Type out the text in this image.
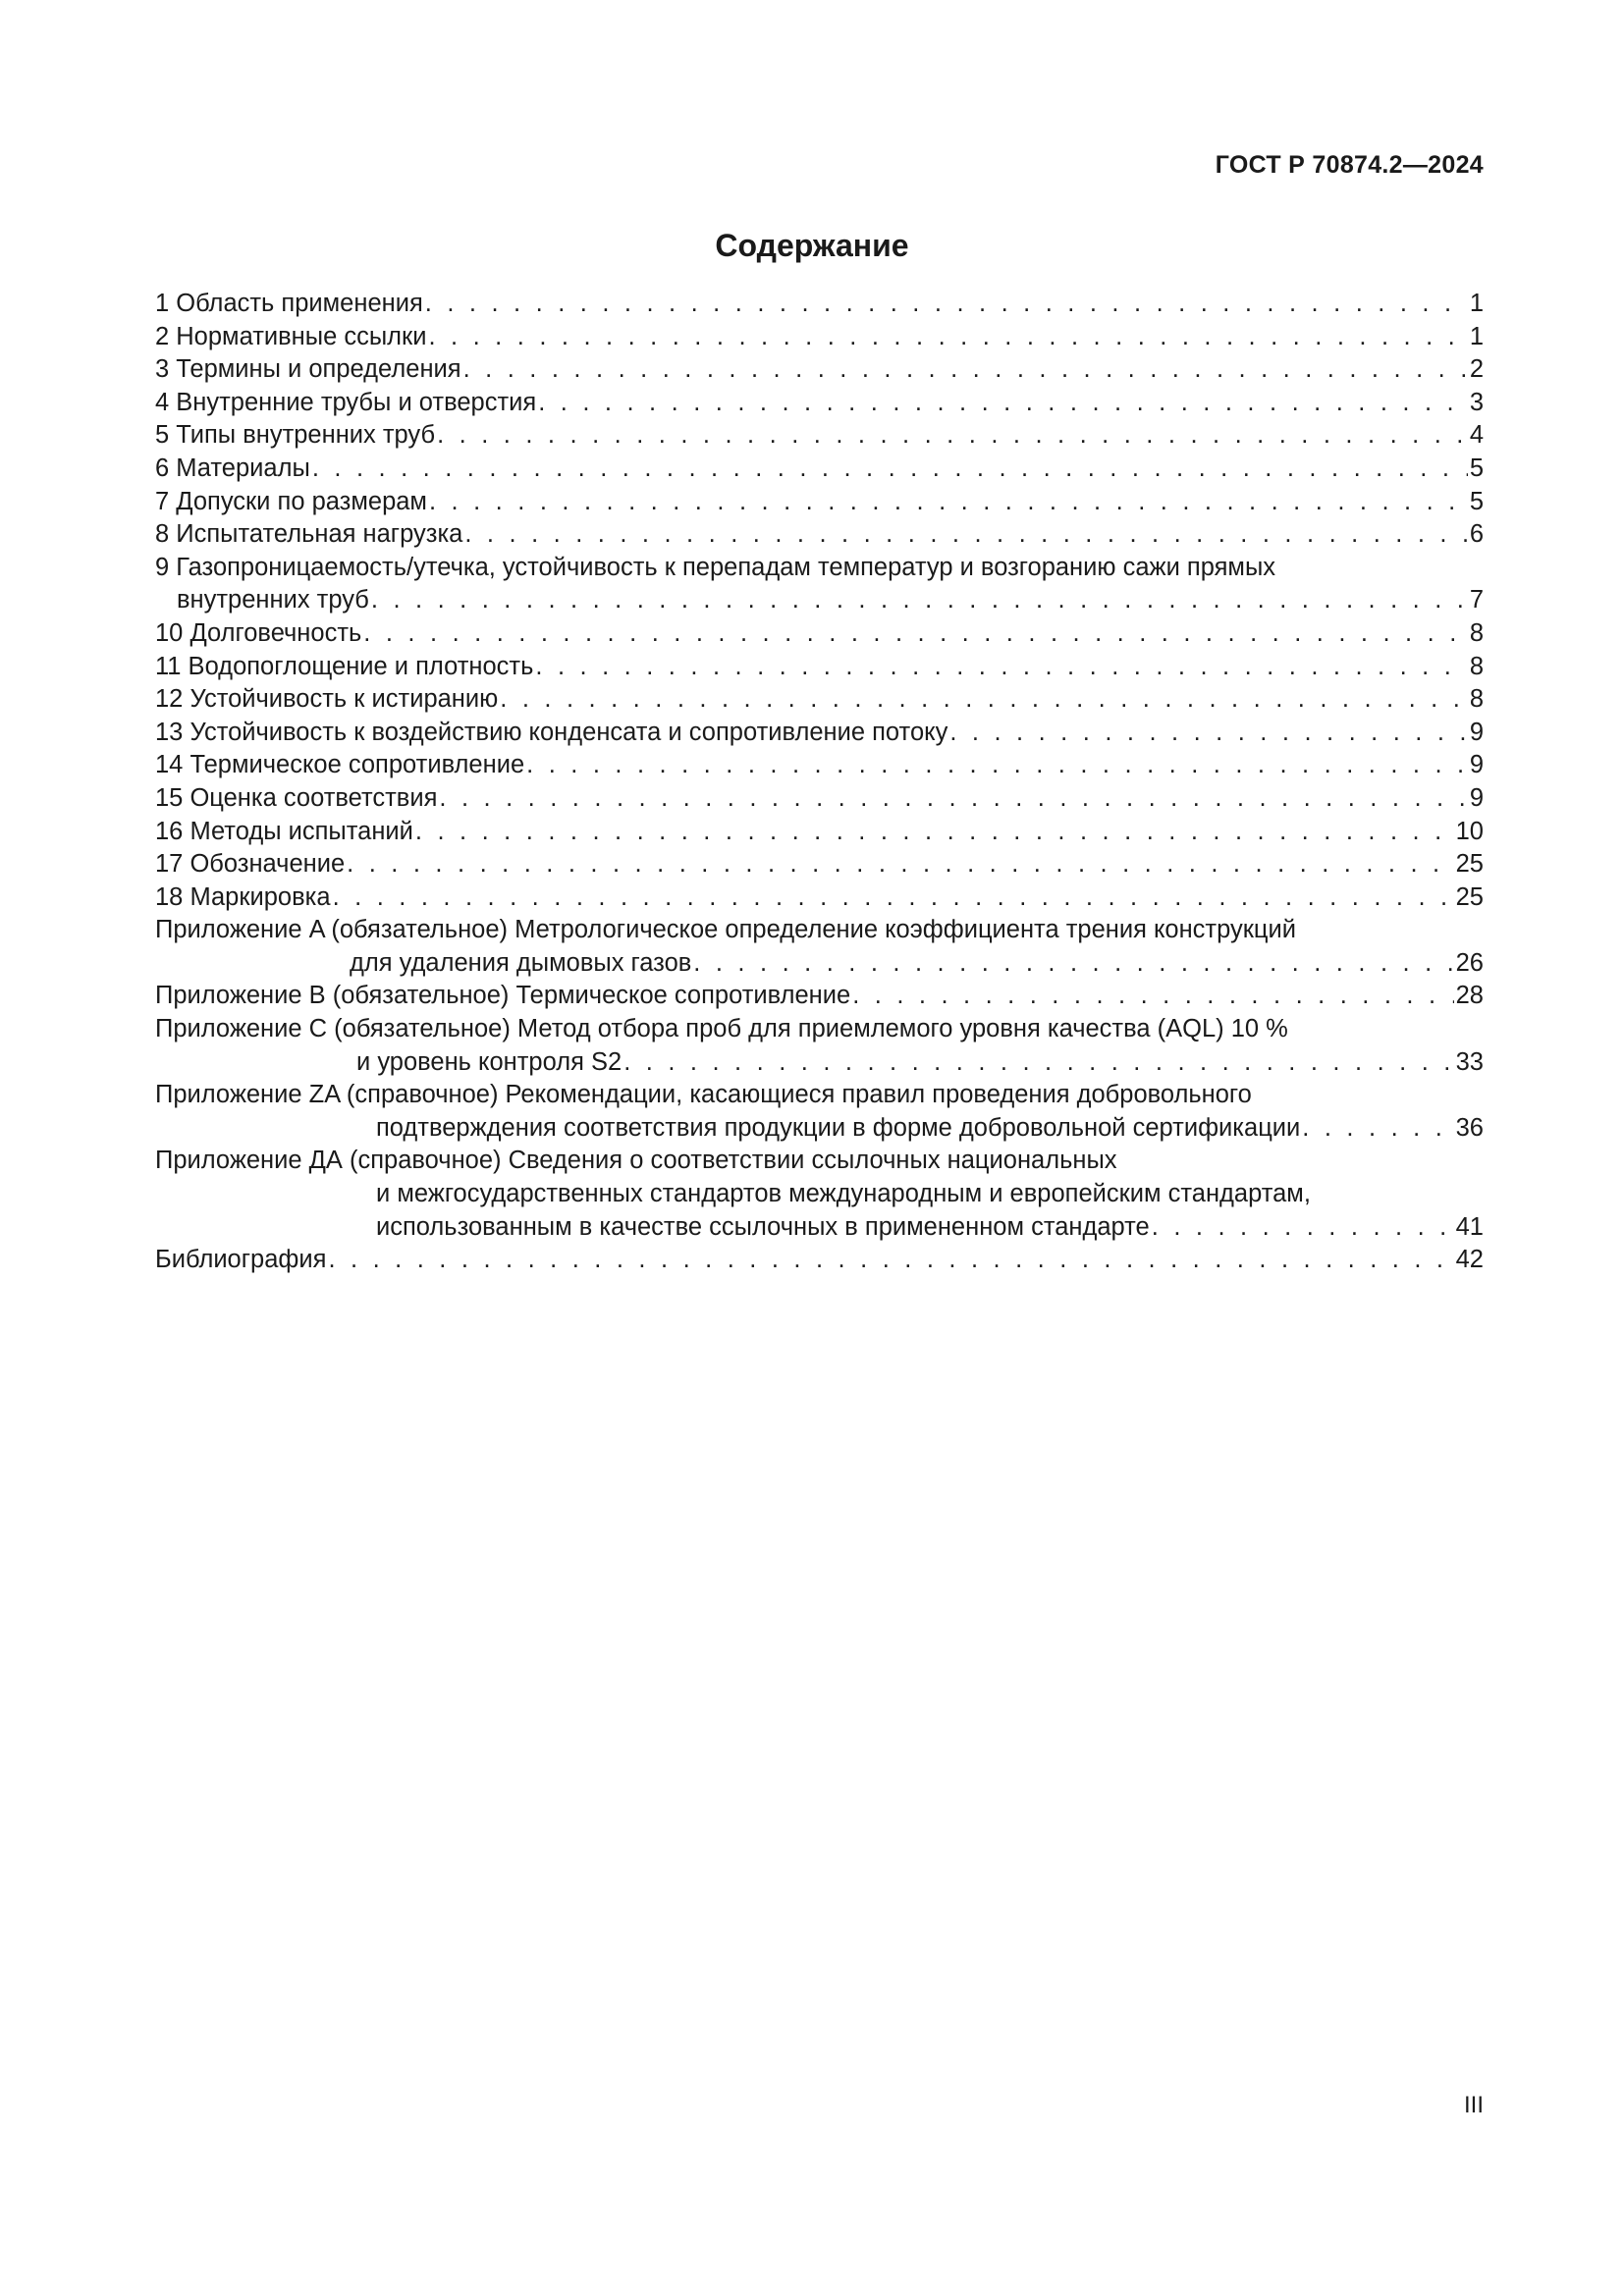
ГОСТ Р 70874.2—2024
Содержание
1 Область применения . . .	1
2 Нормативные ссылки . . .	1
3 Термины и определения . . .	2
4 Внутренние трубы и отверстия . . .	3
5 Типы внутренних труб . . .	4
6 Материалы . . .	5
7 Допуски по размерам . . .	5
8 Испытательная нагрузка . . .	6
9 Газопроницаемость/утечка, устойчивость к перепадам температур и возгоранию сажи прямых
внутренних труб . . .	7
10 Долговечность . . .	8
11 Водопоглощение и плотность . . .	8
12 Устойчивость к истиранию . . .	8
13 Устойчивость к воздействию конденсата и сопротивление потоку . . .	9
14 Термическое сопротивление . . .	9
15 Оценка соответствия . . .	9
16 Методы испытаний . . .	10
17 Обозначение . . .	25
18 Маркировка . . .	25
Приложение A (обязательное) Метрологическое определение коэффициента трения конструкций
для удаления дымовых газов . . .	26
Приложение B (обязательное) Термическое сопротивление . . .	28
Приложение C (обязательное) Метод отбора проб для приемлемого уровня качества (AQL) 10 %
и уровень контроля S2 . . .	33
Приложение ZA (справочное) Рекомендации, касающиеся правил проведения добровольного
подтверждения соответствия продукции в форме добровольной сертификации . . .	36
Приложение ДА (справочное) Сведения о соответствии ссылочных национальных
и межгосударственных стандартов международным и европейским стандартам,
использованным в качестве ссылочных в примененном стандарте . . .	41
Библиография . . .	42
III
